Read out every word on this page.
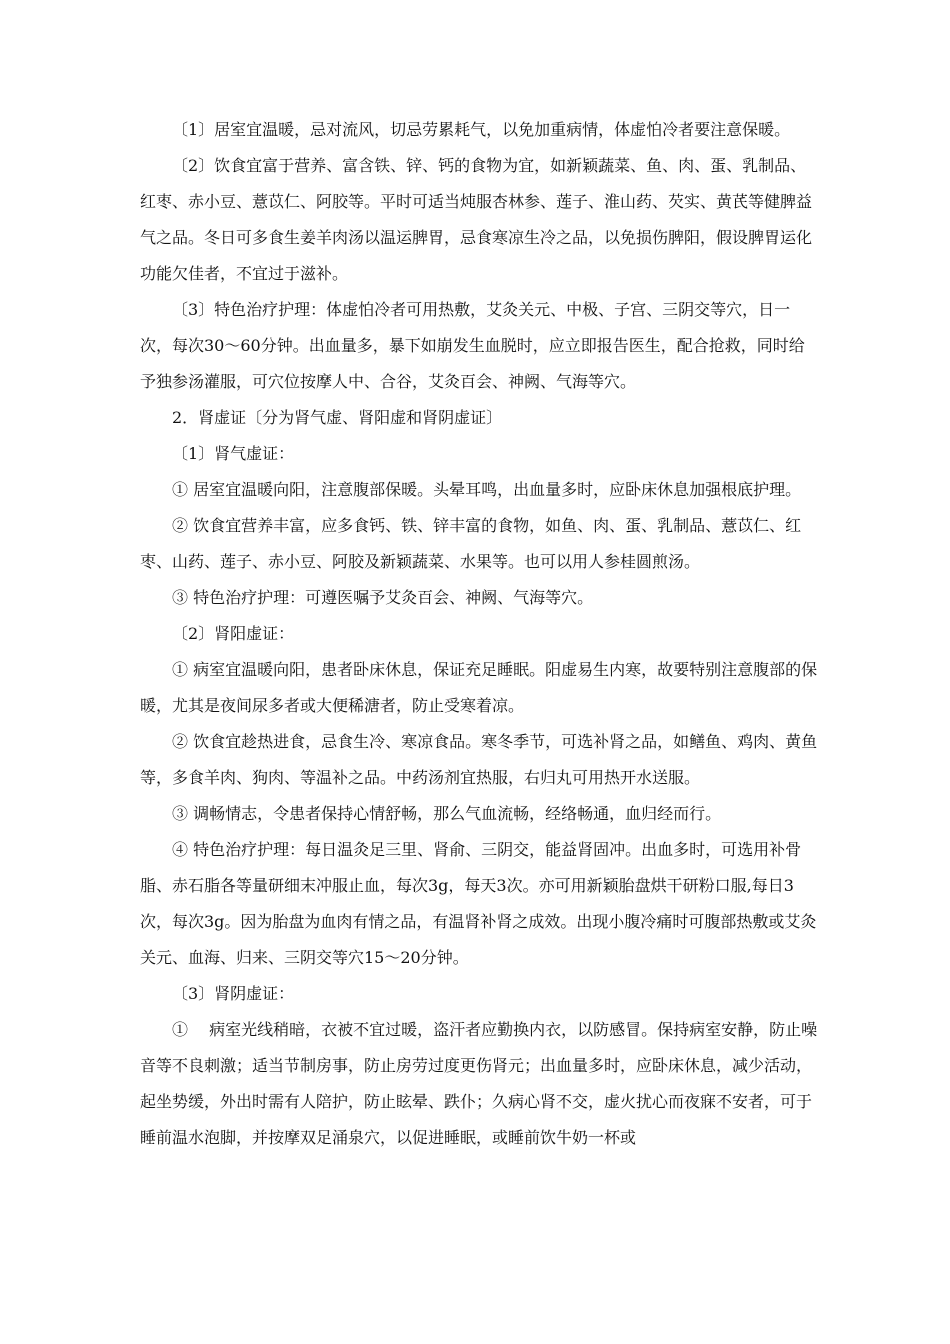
〔1〕居室宜温暖，忌对流风，切忌劳累耗气，以免加重病情，体虚怕冷者要注意保暖。

〔2〕饮食宜富于营养、富含铁、锌、钙的食物为宜，如新颖蔬菜、鱼、肉、蛋、乳制品、红枣、赤小豆、薏苡仁、阿胶等。平时可适当炖服杏林参、莲子、淮山药、芡实、黄芪等健脾益气之品。冬日可多食生姜羊肉汤以温运脾胃，忌食寒凉生冷之品，以免损伤脾阳，假设脾胃运化功能欠佳者，不宜过于滋补。

〔3〕特色治疗护理：体虚怕冷者可用热敷，艾灸关元、中极、子宫、三阴交等穴，日一次，每次30～60分钟。出血量多，暴下如崩发生血脱时，应立即报告医生，配合抢救，同时给予独参汤灌服，可穴位按摩人中、合谷，艾灸百会、神阙、气海等穴。

2．肾虚证〔分为肾气虚、肾阳虚和肾阴虚证〕

〔1〕肾气虚证：

① 居室宜温暖向阳，注意腹部保暖。头晕耳鸣，出血量多时，应卧床休息加强根底护理。

② 饮食宜营养丰富，应多食钙、铁、锌丰富的食物，如鱼、肉、蛋、乳制品、薏苡仁、红枣、山药、莲子、赤小豆、阿胶及新颖蔬菜、水果等。也可以用人参桂圆煎汤。

③ 特色治疗护理：可遵医嘱予艾灸百会、神阙、气海等穴。

〔2〕肾阳虚证：

① 病室宜温暖向阳，患者卧床休息，保证充足睡眠。阳虚易生内寒，故要特别注意腹部的保暖，尤其是夜间尿多者或大便稀溏者，防止受寒着凉。

② 饮食宜趁热进食，忌食生冷、寒凉食品。寒冬季节，可选补肾之品，如鳝鱼、鸡肉、黄鱼等，多食羊肉、狗肉、等温补之品。中药汤剂宜热服，右归丸可用热开水送服。

③ 调畅情志，令患者保持心情舒畅，那么气血流畅，经络畅通，血归经而行。

④ 特色治疗护理：每日温灸足三里、肾俞、三阴交，能益肾固冲。出血多时，可选用补骨脂、赤石脂各等量研细末冲服止血，每次3g，每天3次。亦可用新颖胎盘烘干研粉口服,每日3次，每次3g。因为胎盘为血肉有情之品，有温肾补肾之成效。出现小腹冷痛时可腹部热敷或艾灸关元、血海、归来、三阴交等穴15～20分钟。

〔3〕肾阴虚证：

①　 病室光线稍暗，衣被不宜过暖，盗汗者应勤换内衣，以防感冒。保持病室安静，防止噪音等不良刺激；适当节制房事，防止房劳过度更伤肾元；出血量多时，应卧床休息，减少活动，起坐势缓，外出时需有人陪护，防止眩晕、跌仆；久病心肾不交，虚火扰心而夜寐不安者，可于睡前温水泡脚，并按摩双足涌泉穴，以促进睡眠，或睡前饮牛奶一杯或
